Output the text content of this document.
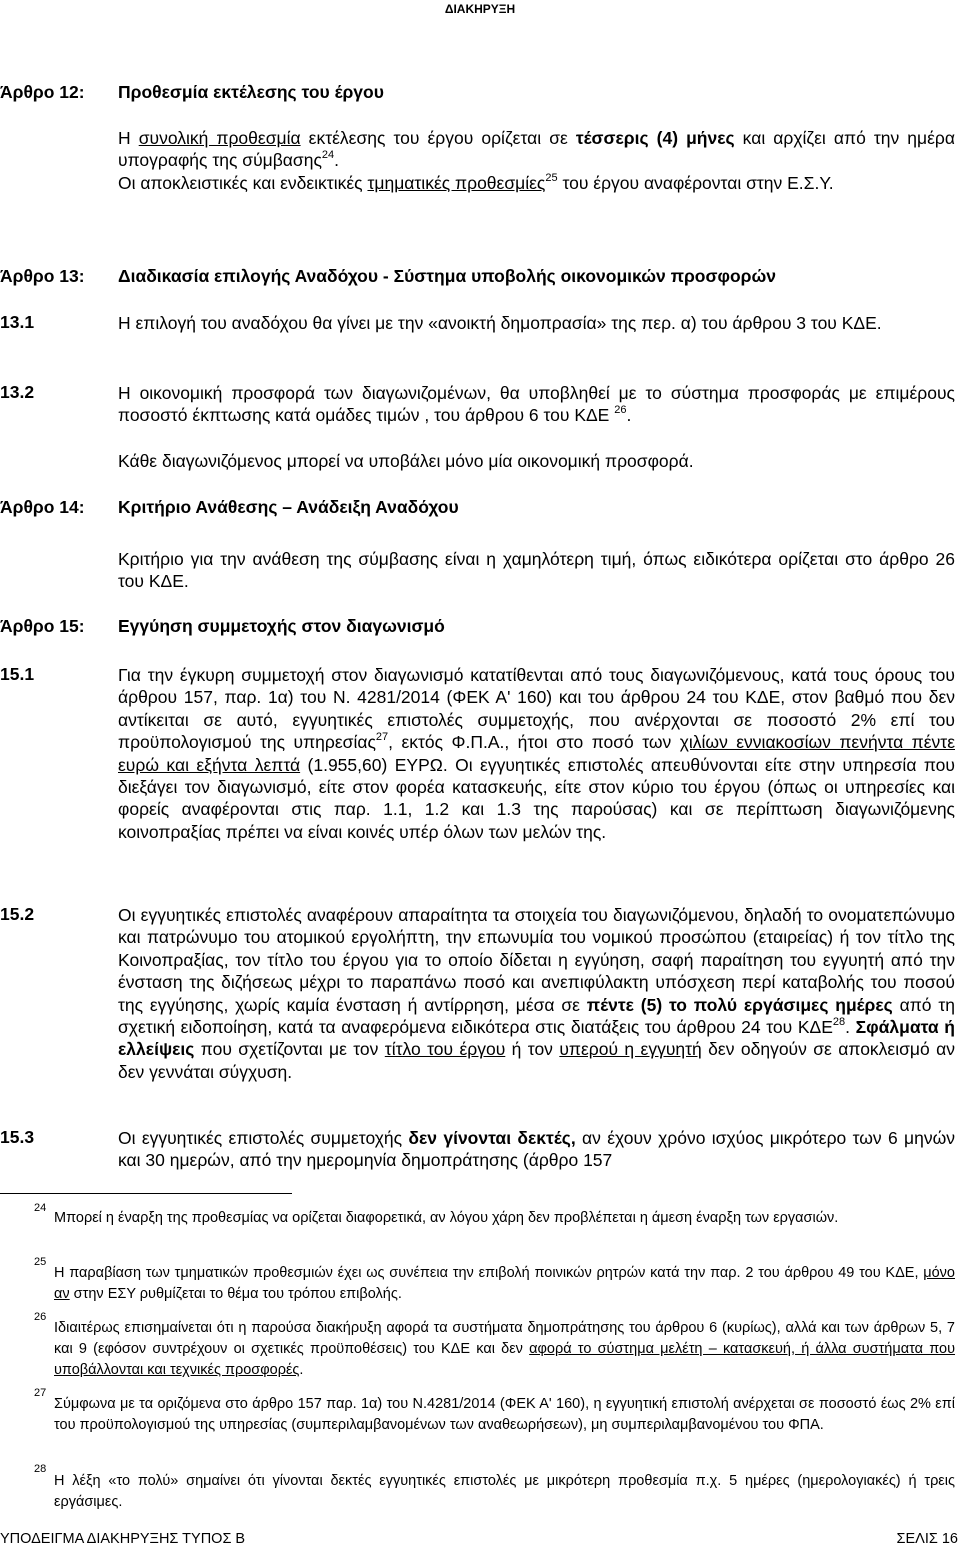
ΔΙΑΚΗΡΥΞΗ
Άρθρο 12: Προθεσμία εκτέλεσης του έργου
Η συνολική προθεσμία εκτέλεσης του έργου ορίζεται σε τέσσερις (4) μήνες και αρχίζει από την ημέρα υπογραφής της σύμβασης$^{24}$.
Οι αποκλειστικές και ενδεικτικές τμηματικές προθεσμίες$^{25}$ του έργου αναφέρονται στην Ε.Σ.Υ.
Άρθρο 13: Διαδικασία επιλογής Αναδόχου - Σύστημα υποβολής οικονομικών προσφορών
13.1	Η επιλογή του αναδόχου θα γίνει με την «ανοικτή δημοπρασία» της περ. α) του άρθρου 3 του ΚΔΕ.
13.2	Η οικονομική προσφορά των διαγωνιζομένων, θα υποβληθεί με το σύστημα προσφοράς με επιμέρους ποσοστό έκπτωσης κατά ομάδες τιμών , του άρθρου 6 του ΚΔΕ $^{26}$.
Κάθε διαγωνιζόμενος μπορεί να υποβάλει μόνο μία οικονομική προσφορά.
Άρθρο 14: Κριτήριο Ανάθεσης – Ανάδειξη Αναδόχου
Κριτήριο για την ανάθεση της σύμβασης είναι η χαμηλότερη τιμή, όπως ειδικότερα ορίζεται στο άρθρο 26 του ΚΔΕ.
Άρθρο 15: Εγγύηση συμμετοχής στον διαγωνισμό
15.1	Για την έγκυρη συμμετοχή στον διαγωνισμό κατατίθενται από τους διαγωνιζόμενους, κατά τους όρους του άρθρου 157, παρ. 1α) του Ν. 4281/2014 (ΦΕΚ Α' 160) και του άρθρου 24 του ΚΔΕ, στον βαθμό που δεν αντίκειται σε αυτό, εγγυητικές επιστολές συμμετοχής, που ανέρχονται σε ποσοστό 2% επί του προϋπολογισμού της υπηρεσίας$^{27}$, εκτός Φ.Π.Α., ήτοι στο ποσό των χιλίων εννιακοσίων πενήντα πέντε ευρώ και εξήντα λεπτά (1.955,60) ΕΥΡΩ. Οι εγγυητικές επιστολές απευθύνονται είτε στην υπηρεσία που διεξάγει τον διαγωνισμό, είτε στον φορέα κατασκευής, είτε στον κύριο του έργου (όπως οι υπηρεσίες και φορείς αναφέρονται στις παρ. 1.1, 1.2 και 1.3 της παρούσας) και σε περίπτωση διαγωνιζόμενης κοινοπραξίας πρέπει να είναι κοινές υπέρ όλων των μελών της.
15.2	Οι εγγυητικές επιστολές αναφέρουν απαραίτητα τα στοιχεία του διαγωνιζόμενου, δηλαδή το ονοματεπώνυμο και πατρώνυμο του ατομικού εργολήπτη, την επωνυμία του νομικού προσώπου (εταιρείας) ή τον τίτλο της Κοινοπραξίας, τον τίτλο του έργου για το οποίο δίδεται η εγγύηση, σαφή παραίτηση του εγγυητή από την ένσταση της διζήσεως μέχρι το παραπάνω ποσό και ανεπιφύλακτη υπόσχεση περί καταβολής του ποσού της εγγύησης, χωρίς καμία ένσταση ή αντίρρηση, μέσα σε πέντε (5) το πολύ εργάσιμες ημέρες από τη σχετική ειδοποίηση, κατά τα αναφερόμενα ειδικότερα στις διατάξεις του άρθρου 24 του ΚΔΕ$^{28}$. Σφάλματα ή ελλείψεις που σχετίζονται με τον τίτλο του έργου ή τον υπερού η εγγυητή δεν οδηγούν σε αποκλεισμό αν δεν γεννάται σύγχυση.
15.3	Οι εγγυητικές επιστολές συμμετοχής δεν γίνονται δεκτές, αν έχουν χρόνο ισχύος μικρότερο των 6 μηνών και 30 ημερών, από την ημερομηνία δημοπράτησης (άρθρο 157
24
Μπορεί η έναρξη της προθεσμίας να ορίζεται διαφορετικά, αν λόγου χάρη δεν προβλέπεται η άμεση έναρξη των εργασιών.
25
Η παραβίαση των τμηματικών προθεσμιών έχει ως συνέπεια την επιβολή ποινικών ρητρών κατά την παρ. 2 του άρθρου 49 του ΚΔΕ, μόνο αν στην ΕΣΥ ρυθμίζεται το θέμα του τρόπου επιβολής.
26
Ιδιαιτέρως επισημαίνεται ότι η παρούσα διακήρυξη αφορά τα συστήματα δημοπράτησης του άρθρου 6 (κυρίως), αλλά και των άρθρων 5, 7 και 9 (εφόσον συντρέχουν οι σχετικές προϋποθέσεις) του ΚΔΕ και δεν αφορά το σύστημα μελέτη – κατασκευή, ή άλλα συστήματα που υποβάλλονται και τεχνικές προσφορές.
27
Σύμφωνα με τα οριζόμενα στο άρθρο 157 παρ. 1α) του Ν.4281/2014 (ΦΕΚ Α' 160), η εγγυητική επιστολή ανέρχεται σε ποσοστό έως 2% επί του προϋπολογισμού της υπηρεσίας (συμπεριλαμβανομένων των αναθεωρήσεων), μη συμπεριλαμβανομένου του ΦΠΑ.
28
Η λέξη «το πολύ» σημαίνει ότι γίνονται δεκτές εγγυητικές επιστολές με μικρότερη προθεσμία π.χ. 5 ημέρες (ημερολογιακές) ή τρεις εργάσιμες.
ΥΠΟΔΕΙΓΜΑ ΔΙΑΚΗΡΥΞΗΣ ΤΥΠΟΣ Β	ΣΕΛΙΣ 16
